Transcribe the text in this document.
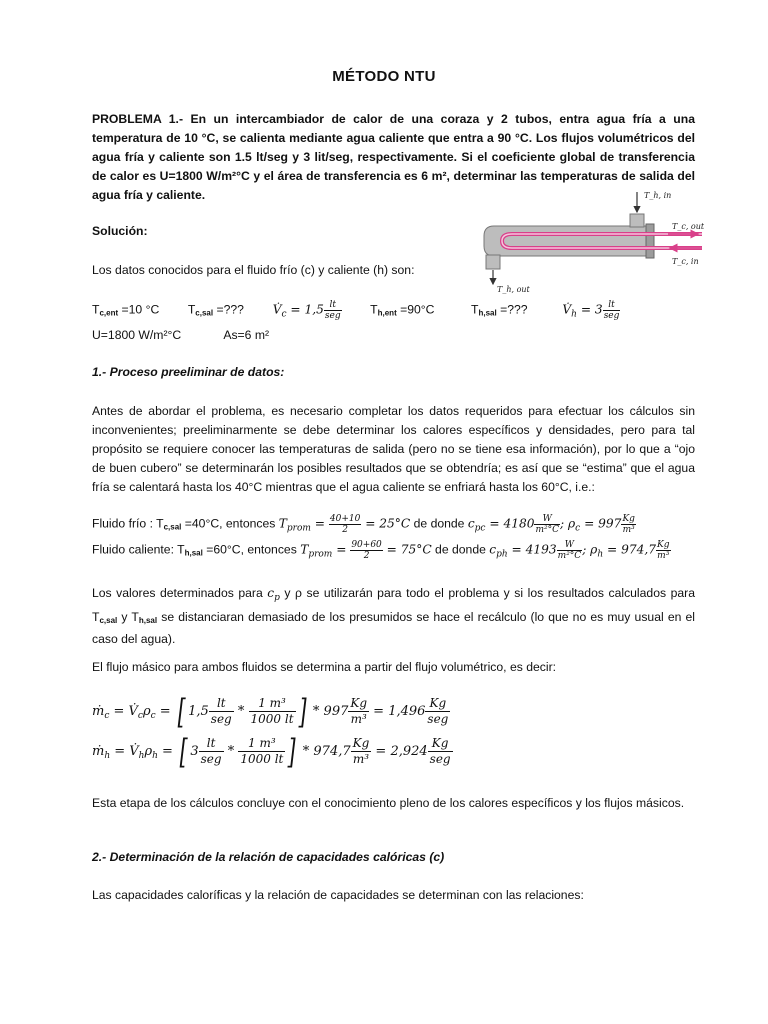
MÉTODO NTU
PROBLEMA 1.- En un intercambiador de calor de una coraza y 2 tubos, entra agua fría a una temperatura de 10 °C, se calienta mediante agua caliente que entra a 90 °C. Los flujos volumétricos del agua fría y caliente son 1.5 lt/seg y 3 lit/seg, respectivamente. Si el coeficiente global de transferencia de calor es U=1800 W/m²°C y el área de transferencia es 6 m², determinar las temperaturas de salida del agua fría y caliente.	T_h, in
T_c, out
T_c, in
T_h, out
Solución:
Los datos conocidos para el fluido frío (c) y caliente (h) son:
$T_{c,ent} =10$ °C $T_{c,sal}$ =??? $V̇_c = 1,5 \frac{lt}{\text{seg}} T_{h,ent} =90^\circ C$	$T_{h,sal}$ =???	$V̇_h = 3 \frac{lt}{\text{seg}}$
U=1800 W/m²°C	As=6 m²
1.- Proceso preeliminar de datos:
Antes de abordar el problema, es necesario completar los datos requeridos para efectuar los cálculos sin inconvenientes; preeliminarmente se debe determinar los calores específicos y densidades, pero para tal propósito se requiere conocer las temperaturas de salida (pero no se tiene esa información), por lo que a “ojo de buen cubero” se determinarán los posibles resultados que se obtendría; es así que se “estima” que el agua fría se calentará hasta los 40°C mientras que el agua caliente se enfriará hasta los 60°C, i.e.:
Fluido frío : $T_{c,sal} =40^\circ C$, entonces $T_{prom} = \frac{40+10}{2} = 25^\circ C$ de donde $c_{pc} = 4180 \frac{W}{\text{m²°C}}$ ; $\rho_c = 997 \frac{Kg}{\text{m³}}$
Fluido caliente: $T_{h,sal} =60^\circ C$, entonces $T_{prom} = \frac{90+60}{2} = 75^\circ C$ de donde $c_{ph} = 4193 \frac{W}{\text{m²°C}}$ ; $\rho_h = 974,7 \frac{Kg}{\text{m³}}$
Los valores determinados para $c_p$ y ρ se utilizarán para todo el problema y si los resultados calculados para $T_{c,sal}$ y $T_{h,sal}$ se distanciaran demasiado de los presumidos se hace el recálculo (lo que no es muy usual en el caso del agua).
El flujo másico para ambos fluidos se determina a partir del flujo volumétrico, es decir:
ṁ$_c$ = $V̇_c\rho_c$ = [ $1,5 \frac{lt}{\text{seg}} * \frac{\text{1 m³}}{1000 lt}$ ] * $997 \frac{Kg}{\text{m³}} = 1,496 \frac{Kg}{\text{seg}}$
ṁ$_h$ = $V̇_h\rho_h$ = [ $3 \frac{lt}{\text{seg}} * \frac{\text{1 m³}}{1000 lt}$ ] * $974,7 \frac{Kg}{\text{m³}} = 2,924 \frac{Kg}{\text{seg}}$
Esta etapa de los cálculos concluye con el conocimiento pleno de los calores específicos y los flujos másicos.
2.- Determinación de la relación de capacidades calóricas (c)
Las capacidades caloríficas y la relación de capacidades se determinan con las relaciones:
